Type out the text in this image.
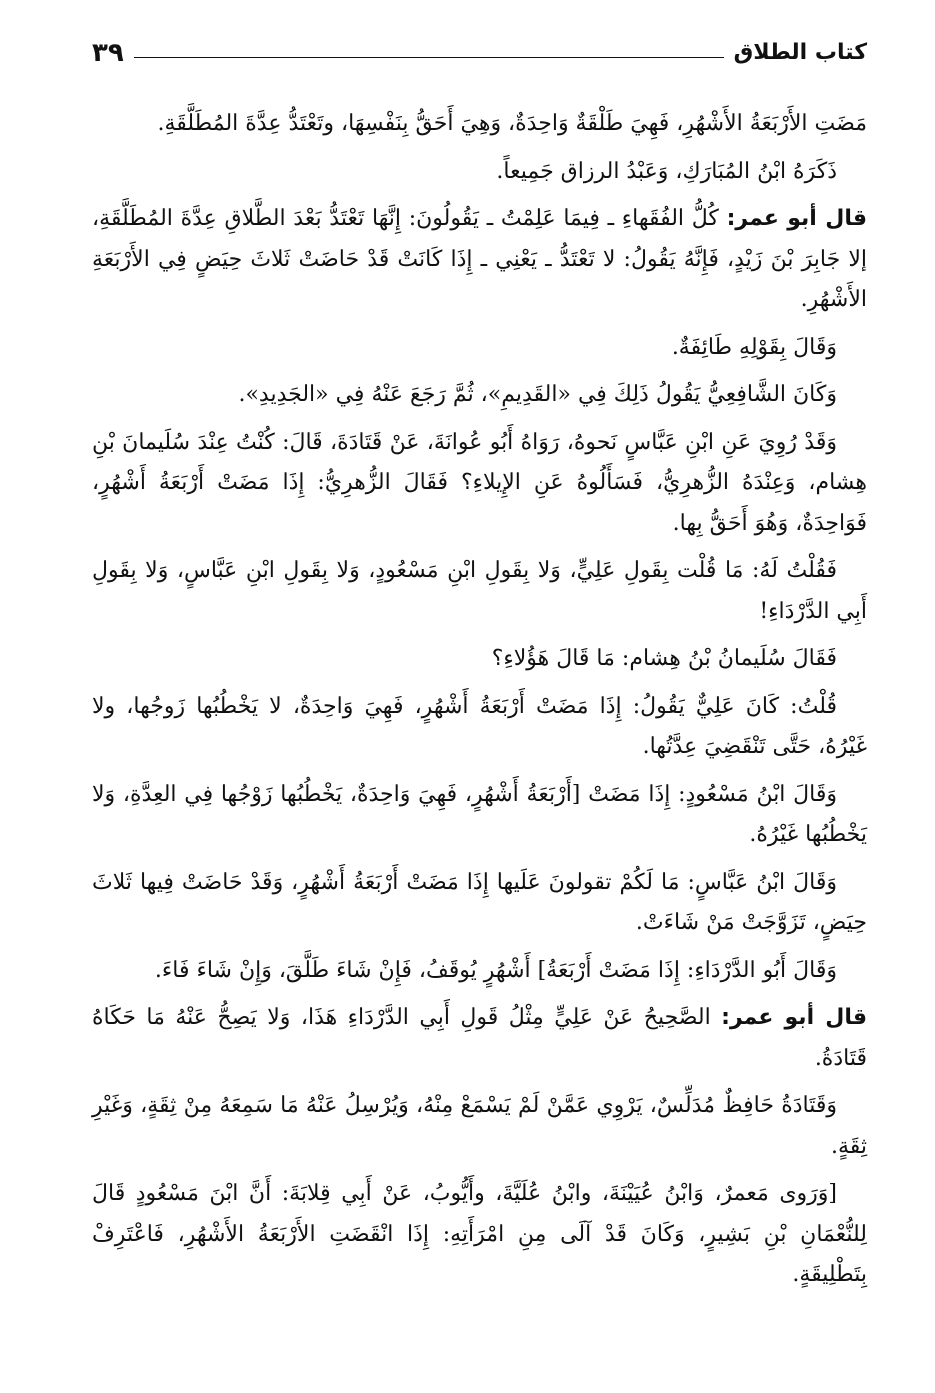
كتاب الطلاق
٣٩

مَضَتِ الأَرْبَعَةُ الأَشْهُرِ، فَهِيَ طَلْقَةٌ وَاحِدَةٌ، وَهِيَ أَحَقُّ بِنَفْسِهَا، وتَعْتَدُّ عِدَّةَ المُطَلَّقَةِ.

ذَكَرَهُ ابْنُ المُبَارَكِ، وَعَبْدُ الرزاق جَمِيعاً.

قال أبو عمر: كُلُّ الفُقَهاءِ ـ فِيمَا عَلِمْتُ ـ يَقُولُونَ: إِنَّهَا تَعْتَدُّ بَعْدَ الطَّلاقِ عِدَّةَ المُطَلَّقَةِ، إلا جَابِرَ بْنَ زَيْدٍ، فَإِنَّهُ يَقُولُ: لا تَعْتَدُّ ـ يَعْنِي ـ إِذَا كَانَتْ قَدْ حَاضَتْ ثَلاثَ حِيَضٍ فِي الأَرْبَعَةِ الأَشْهُرِ.

وَقَالَ بِقَوْلِهِ طَائِفَةٌ.

وَكَانَ الشَّافِعِيُّ يَقُولُ ذَلِكَ فِي «القَدِيمِ»، ثُمَّ رَجَعَ عَنْهُ فِي «الجَدِيدِ».

وَقَدْ رُوِيَ عَنِ ابْنِ عَبَّاسٍ نَحوهُ، رَوَاهُ أَبُو عُوانَةَ، عَنْ قَتَادَةَ، قَالَ: كُنْتُ عِنْدَ سُلَيمانَ بْنِ هِشام، وَعِنْدَهُ الزُّهرِيُّ، فَسَأَلُوهُ عَنِ الإِيلاءِ؟ فَقَالَ الزُّهرِيُّ: إِذَا مَضَتْ أَرْبَعَةُ أَشْهُرٍ، فَوَاحِدَةٌ، وَهُوَ أَحَقُّ بِها.

فَقُلْتُ لَهُ: مَا قُلْت بِقَولِ عَلِيٍّ، وَلا بِقَولِ ابْنِ مَسْعُودٍ، وَلا بِقَولِ ابْنِ عَبَّاسٍ، وَلا بِقَولِ أَبِي الدَّرْدَاءِ!

فَقَالَ سُلَيمانُ بْنُ هِشام: مَا قَالَ هَؤُلاءِ؟

قُلْتُ: كَانَ عَلِيٌّ يَقُولُ: إِذَا مَضَتْ أَرْبَعَةُ أَشْهُرٍ، فَهِيَ وَاحِدَةٌ، لا يَخْطُبُها زَوجُها، ولا غَيْرُهُ، حَتَّى تَنْقَضِيَ عِدَّتُها.

وَقَالَ ابْنُ مَسْعُودٍ: إِذَا مَضَتْ [أَرْبَعَةُ أَشْهُرٍ، فَهِيَ وَاحِدَةٌ، يَخْطُبُها زَوْجُها فِي العِدَّةِ، وَلا يَخْطُبُها غَيْرُهُ.

وَقَالَ ابْنُ عَبَّاسٍ: مَا لَكُمْ تقولونَ عَلَيها إِذَا مَضَتْ أَرْبَعَةُ أَشْهُرٍ، وَقَدْ حَاضَتْ فِيها ثَلاثَ حِيَضٍ، تَزَوَّجَتْ مَنْ شَاءَتْ.

وَقَالَ أَبُو الدَّرْدَاءِ: إِذَا مَضَتْ أَرْبَعَةُ] أَشْهُرٍ يُوقَفُ، فَإِنْ شَاءَ طَلَّقَ، وَإِنْ شَاءَ فَاءَ.

قال أبو عمر: الصَّحِيحُ عَنْ عَلِيٍّ مِثْلُ قَولِ أَبِي الدَّرْدَاءِ هَذَا، وَلا يَصِحُّ عَنْهُ مَا حَكَاهُ قَتَادَةُ.

وَقَتَادَةُ حَافِظٌ مُدَلِّسٌ، يَرْوِي عَمَّنْ لَمْ يَسْمَعْ مِنْهُ، وَيُرْسِلُ عَنْهُ مَا سَمِعَهُ مِنْ ثِقَةٍ، وَغَيْرِ ثِقَةٍ.

[وَرَوى مَعمرٌ، وَابْنُ عُيَيْنَةَ، وابْنُ عُلَيَّةَ، وأَيُّوبُ، عَنْ أَبِي قِلابَةَ: أَنَّ ابْنَ مَسْعُودٍ قَالَ لِلنُّعْمَانِ بْنِ بَشِيرٍ، وَكَانَ قَدْ آلَى مِنِ امْرَأَتِهِ: إِذَا انْقَضَتِ الأَرْبَعَةُ الأَشْهُرِ، فَاعْتَرِفْ بِتَطْلِيقَةٍ.
